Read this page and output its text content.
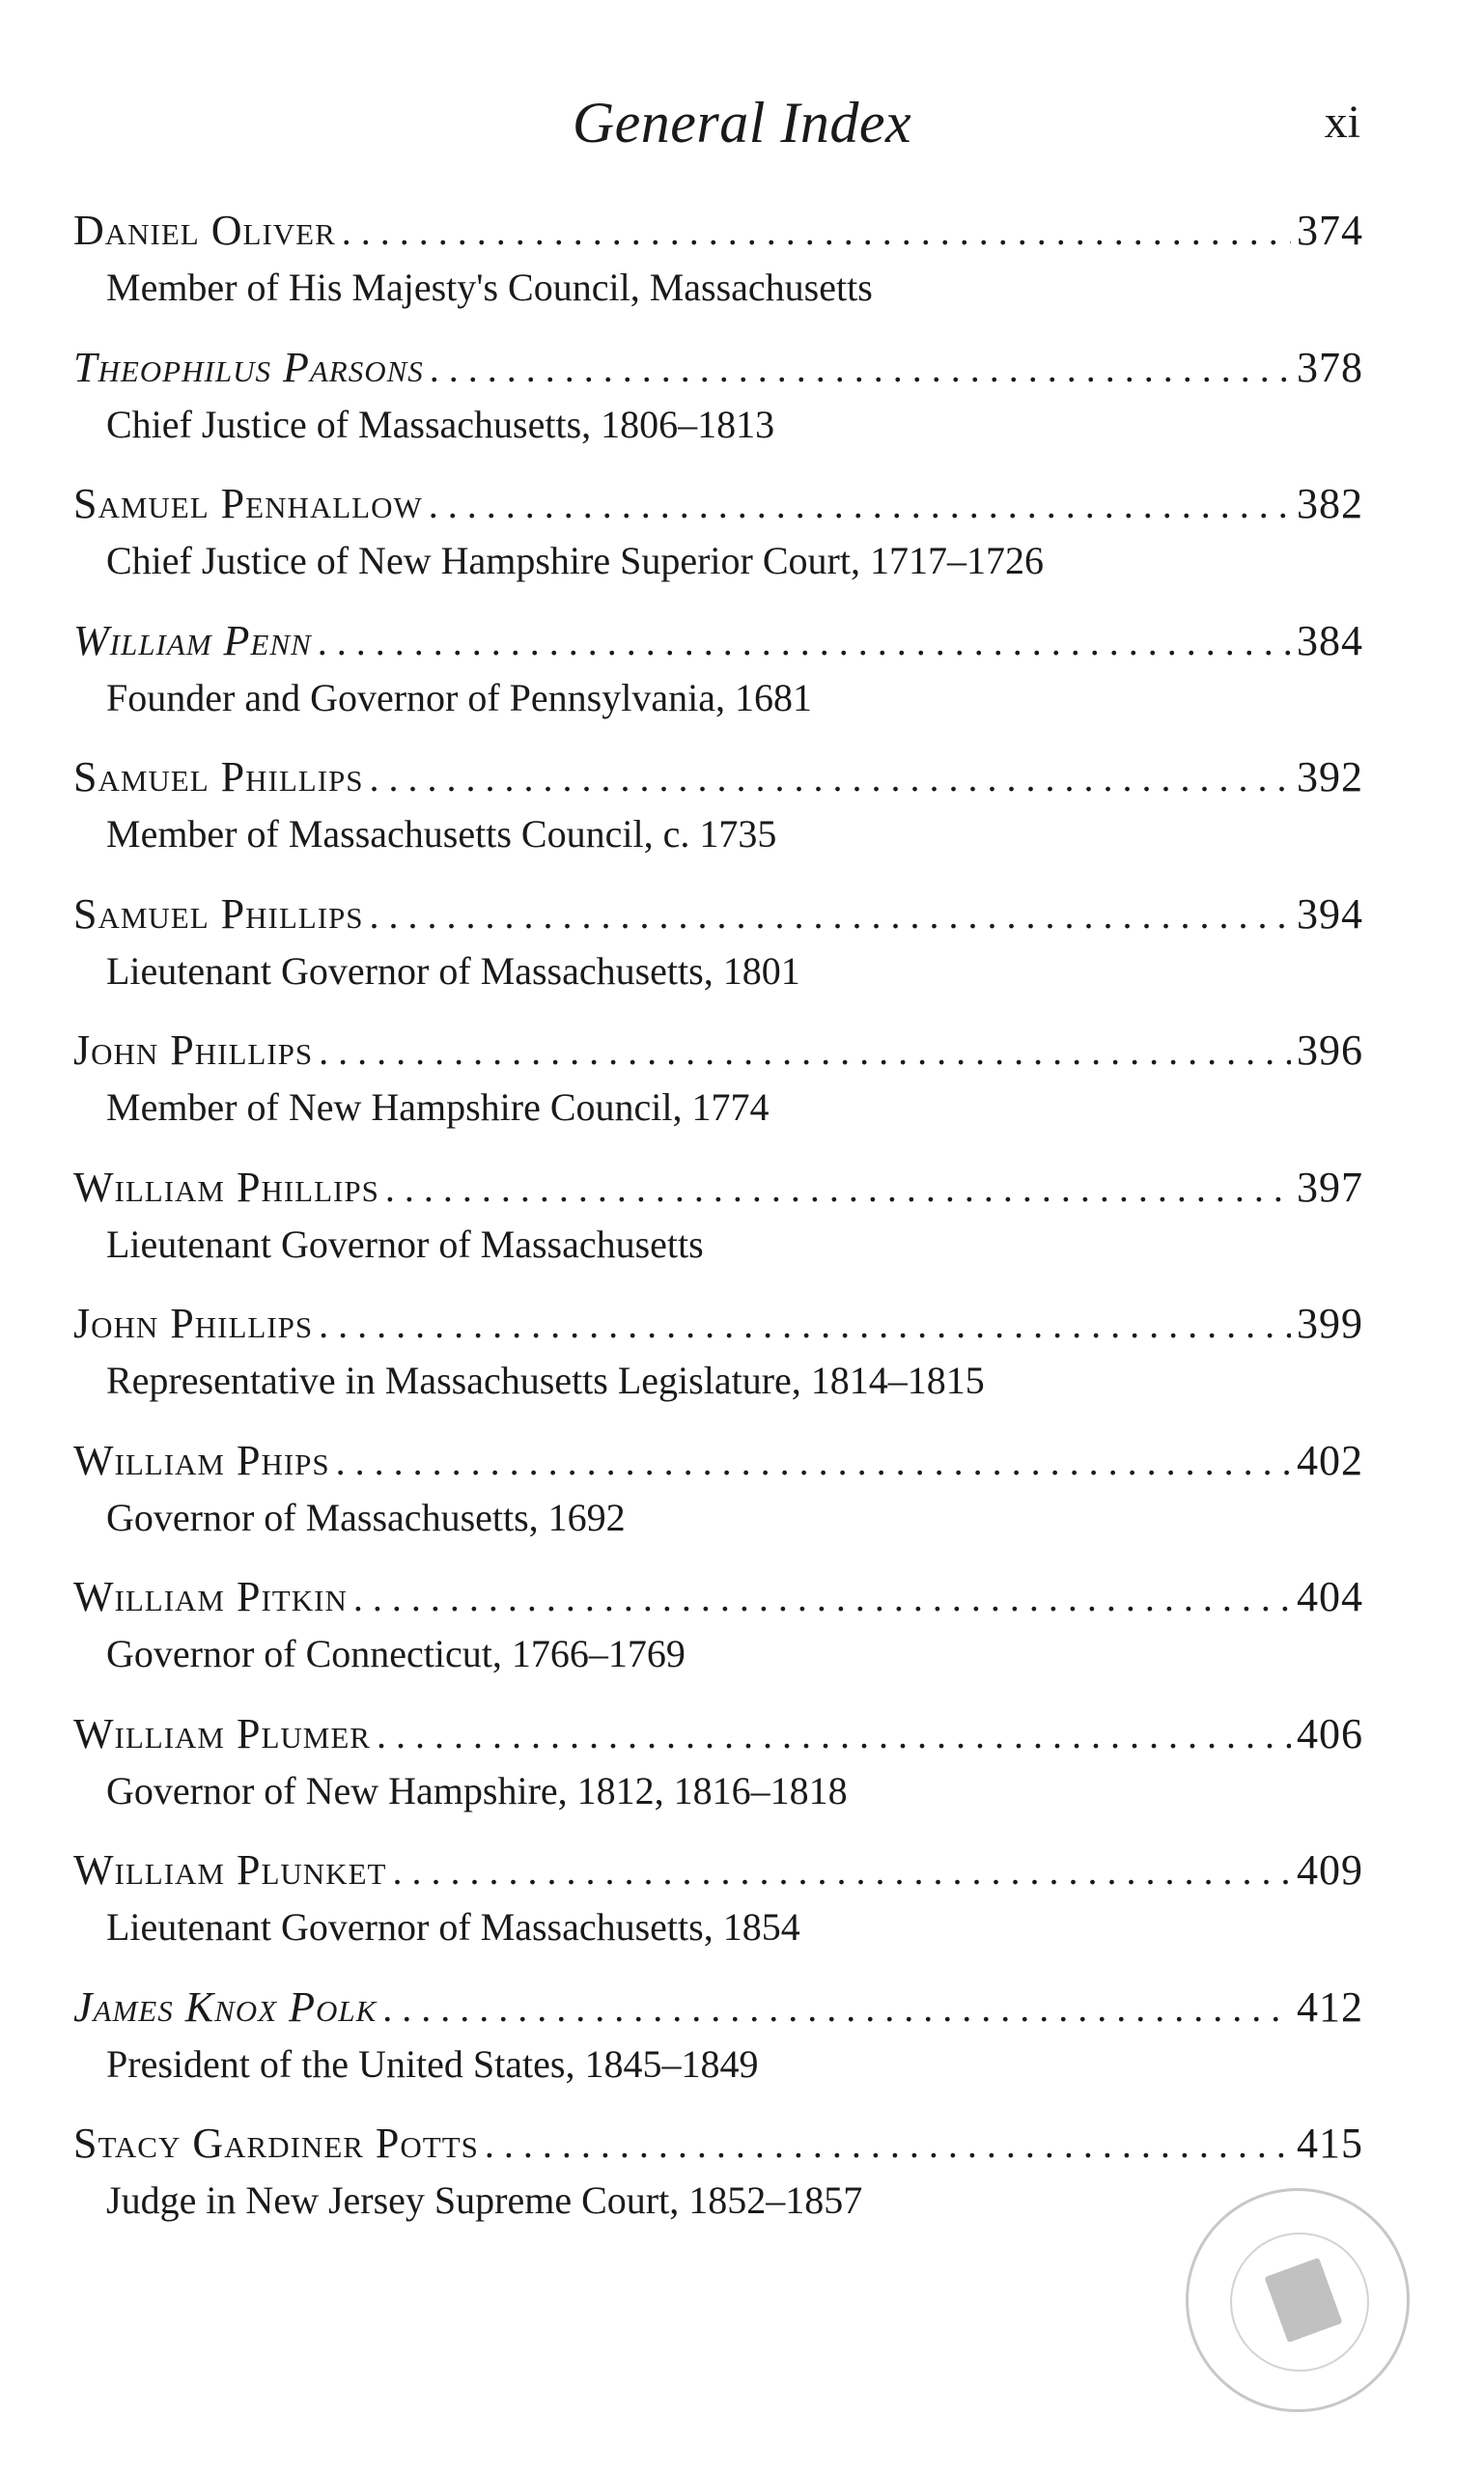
General Index	xi
Daniel Oliver .....	374
Member of His Majesty's Council, Massachusetts
Theophilus Parsons .....	378
Chief Justice of Massachusetts, 1806–1813
Samuel Penhallow .....	382
Chief Justice of New Hampshire Superior Court, 1717–1726
William Penn .....	384
Founder and Governor of Pennsylvania, 1681
Samuel Phillips .....	392
Member of Massachusetts Council, c. 1735
Samuel Phillips .....	394
Lieutenant Governor of Massachusetts, 1801
John Phillips .....	396
Member of New Hampshire Council, 1774
William Phillips .....	397
Lieutenant Governor of Massachusetts
John Phillips .....	399
Representative in Massachusetts Legislature, 1814–1815
William Phips .....	402
Governor of Massachusetts, 1692
William Pitkin .....	404
Governor of Connecticut, 1766–1769
William Plumer .....	406
Governor of New Hampshire, 1812, 1816–1818
William Plunket .....	409
Lieutenant Governor of Massachusetts, 1854
James Knox Polk .....	412
President of the United States, 1845–1849
Stacy Gardiner Potts .....	415
Judge in New Jersey Supreme Court, 1852–1857
